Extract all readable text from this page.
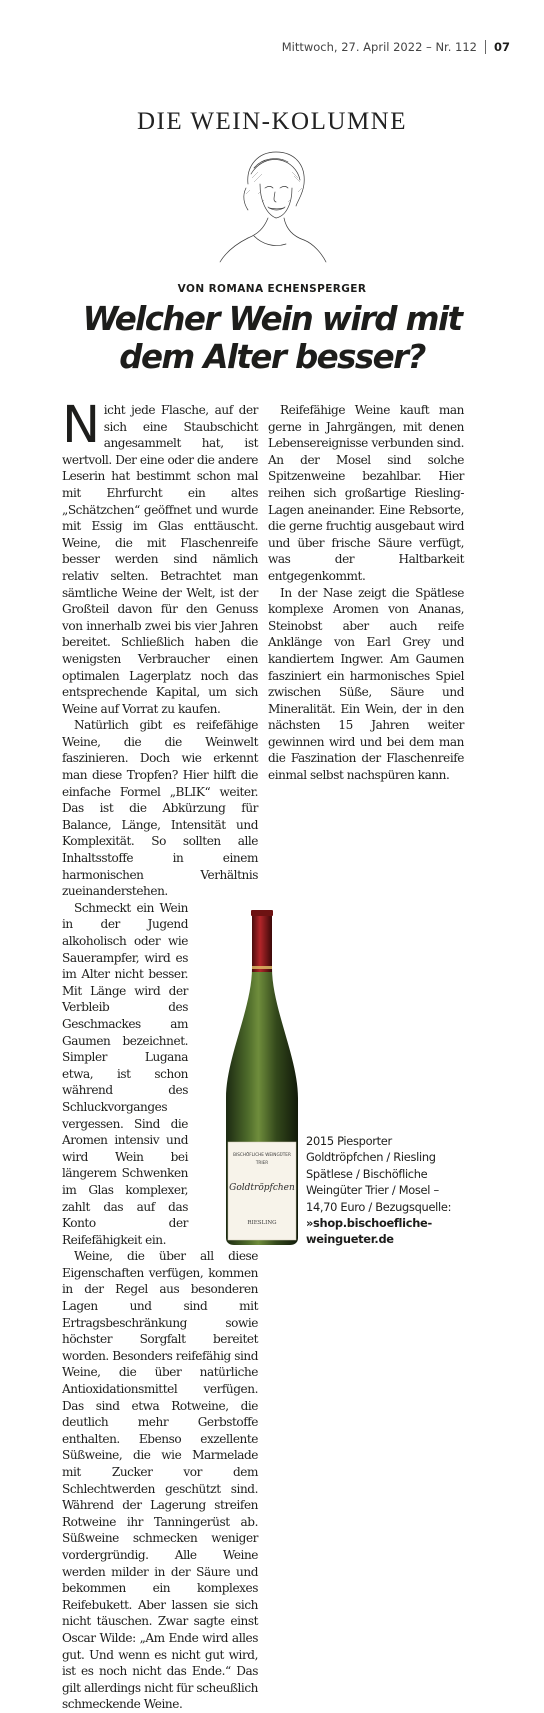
Mittwoch, 27. April 2022 – Nr. 112 07
DIE WEIN-KOLUMNE
VON ROMANA ECHENSPERGER
Welcher Wein wird mit
dem Alter besser?

Nicht jede Flasche, auf der sich eine Staubschicht angesammelt hat, ist wertvoll. Der eine oder die andere Leserin hat bestimmt schon mal mit Ehrfurcht ein altes „Schätzchen“ geöffnet und wurde mit Essig im Glas enttäuscht. Weine, die mit Flaschenreife besser werden sind nämlich relativ selten. Betrachtet man sämtliche Weine der Welt, ist der Großteil davon für den Genuss von innerhalb zwei bis vier Jahren bereitet. Schließlich haben die wenigsten Verbraucher einen optimalen Lagerplatz noch das entsprechende Kapital, um sich Weine auf Vorrat zu kaufen.

Natürlich gibt es reifefähige Weine, die die Weinwelt faszinieren. Doch wie erkennt man diese Tropfen? Hier hilft die einfache Formel „BLIK“ weiter. Das ist die Abkürzung für Balance, Länge, Intensität und Komplexität. So sollten alle Inhaltsstoffe in einem harmonischen Verhältnis zueinanderstehen.

Schmeckt ein Wein in der Jugend alkoholisch oder wie Sauerampfer, wird es im Alter nicht besser. Mit Länge wird der Verbleib des Geschmackes am Gaumen bezeichnet. Simpler Lugana etwa, ist schon während des Schluckvorganges vergessen. Sind die Aromen intensiv und wird Wein bei längerem Schwenken im Glas komplexer, zahlt das auf das Konto der Reifefähigkeit ein.

Weine, die über all diese Eigenschaften verfügen, kommen in der Regel aus besonderen Lagen und sind mit Ertragsbeschränkung sowie höchster Sorgfalt bereitet worden. Besonders reifefähig sind Weine, die über natürliche Antioxidationsmittel verfügen. Das sind etwa Rotweine, die deutlich mehr Gerbstoffe enthalten. Ebenso exzellente Süßweine, die wie Marmelade mit Zucker vor dem Schlechtwerden geschützt sind. Während der Lagerung streifen Rotweine ihr Tanningerüst ab. Süßweine schmecken weniger vordergründig. Alle Weine werden milder in der Säure und bekommen ein komplexes Reifebukett. Aber lassen sie sich nicht täuschen. Zwar sagte einst Oscar Wilde: „Am Ende wird alles gut. Und wenn es nicht gut wird, ist es noch nicht das Ende.“ Das gilt allerdings nicht für scheußlich schmeckende Weine.

Reifefähige Weine kauft man gerne in Jahrgängen, mit denen Lebensereignisse verbunden sind. An der Mosel sind solche Spitzenweine bezahlbar. Hier reihen sich großartige Riesling-Lagen aneinander. Eine Rebsorte, die gerne fruchtig ausgebaut wird und über frische Säure verfügt, was der Haltbarkeit entgegenkommt.

In der Nase zeigt die Spätlese komplexe Aromen von Ananas, Steinobst aber auch reife Anklänge von Earl Grey und kandiertem Ingwer. Am Gaumen fasziniert ein harmonisches Spiel zwischen Süße, Säure und Mineralität. Ein Wein, der in den nächsten 15 Jahren weiter gewinnen wird und bei dem man die Faszination der Flaschenreife einmal selbst nachspüren kann.

BISCHÖFLICHE WEINGÜTER
TRIER
Goldtröpfchen
RIESLING
2015 Piesporter Goldtröpfchen / Riesling Spätlese / Bischöfliche Weingüter Trier / Mosel – 14,70 Euro / Bezugsquelle: »shop.bischoefliche-weingueter.de
